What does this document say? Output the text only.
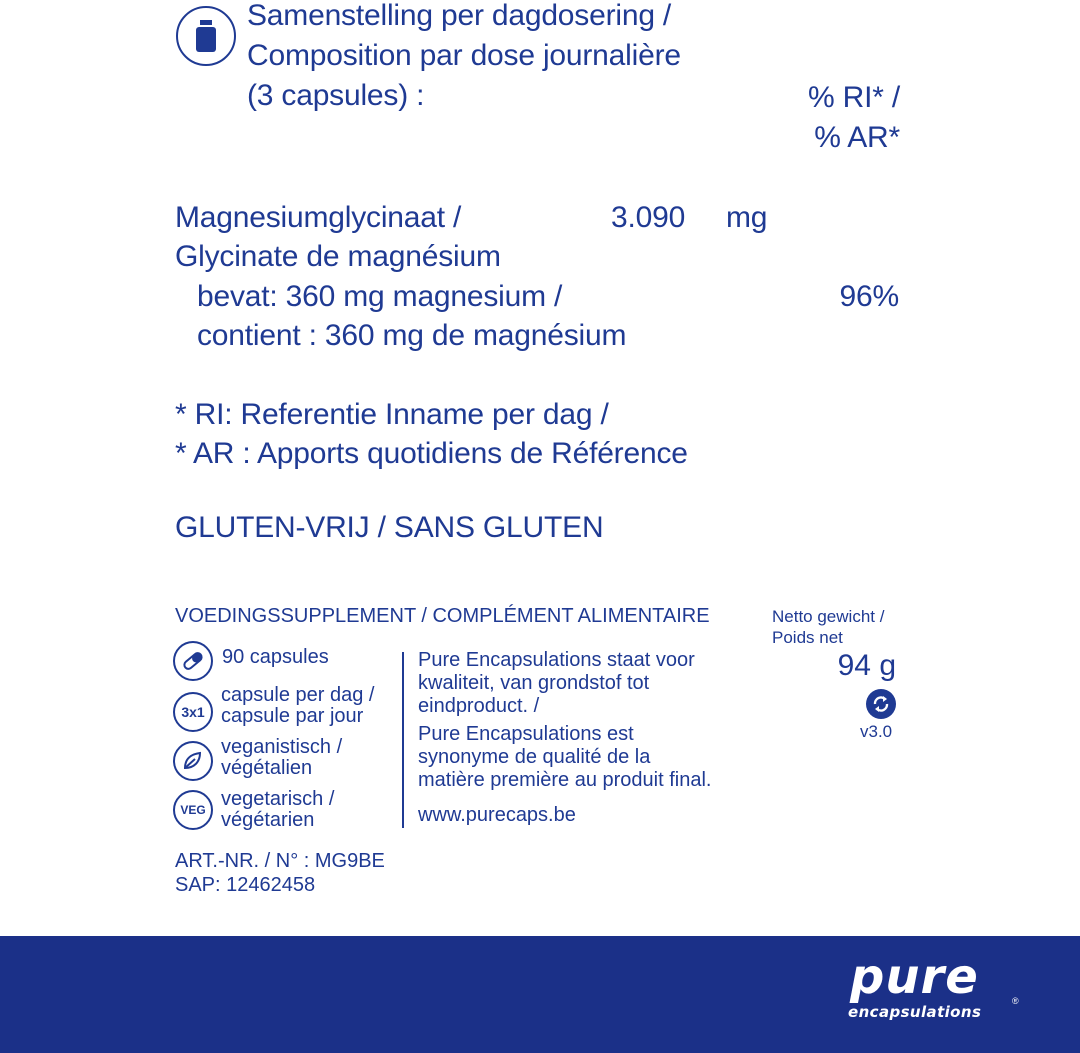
Samenstelling per dagdosering /
Composition par dose journalière
(3 capsules) :	% RI* /
% AR*
Magnesiumglycinaat /	3.090 mg
Glycinate de magnésium
bevat: 360 mg magnesium /	96%
contient : 360 mg de magnésium
* RI: Referentie Inname per dag /
* AR : Apports quotidiens de Référence
GLUTEN-VRIJ / SANS GLUTEN
VOEDINGSSUPPLEMENT / COMPLÉMENT ALIMENTAIRE
90 capsules
3x1
capsule per dag /
capsule par jour
veganistisch /
végétalien
VEG vegetarisch /
végétarien
Pure Encapsulations staat voor
kwaliteit, van grondstof tot
eindproduct. /
Pure Encapsulations est
synonyme de qualité de la
matière première au produit final.
www.purecaps.be
Netto gewicht /
Poids net
94 g
v3.0
ART.-NR. / N° : MG9BE
SAP: 12462458
pure
encapsulations
®
